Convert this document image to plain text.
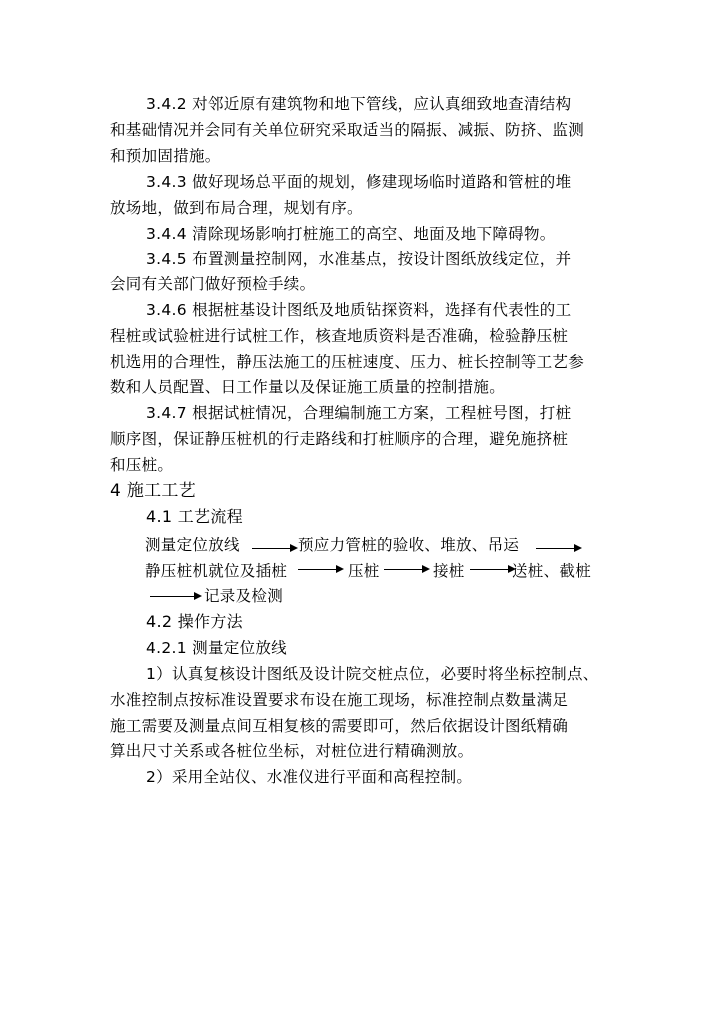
3.4.2 对邻近原有建筑物和地下管线，应认真细致地查清结构
和基础情况并会同有关单位研究采取适当的隔振、减振、防挤、监测
和预加固措施。
3.4.3 做好现场总平面的规划，修建现场临时道路和管桩的堆
放场地，做到布局合理，规划有序。
3.4.4 清除现场影响打桩施工的高空、地面及地下障碍物。
3.4.5 布置测量控制网，水准基点，按设计图纸放线定位，并
会同有关部门做好预检手续。
3.4.6 根据桩基设计图纸及地质钻探资料，选择有代表性的工
程桩或试验桩进行试桩工作，核查地质资料是否准确，检验静压桩
机选用的合理性，静压法施工的压桩速度、压力、桩长控制等工艺参
数和人员配置、日工作量以及保证施工质量的控制措施。
3.4.7 根据试桩情况，合理编制施工方案，工程桩号图，打桩
顺序图，保证静压桩机的行走路线和打桩顺序的合理，避免施挤桩
和压桩。
4 施工工艺
4.1 工艺流程
测量定位放线	预应力管桩的验收、堆放、吊运
静压桩机就位及插桩	压桩	接桩	送桩、截桩
记录及检测
4.2 操作方法
4.2.1 测量定位放线
1）认真复核设计图纸及设计院交桩点位，必要时将坐标控制点、
水准控制点按标准设置要求布设在施工现场，标准控制点数量满足
施工需要及测量点间互相复核的需要即可，然后依据设计图纸精确
算出尺寸关系或各桩位坐标，对桩位进行精确测放。
2）采用全站仪、水准仪进行平面和高程控制。
